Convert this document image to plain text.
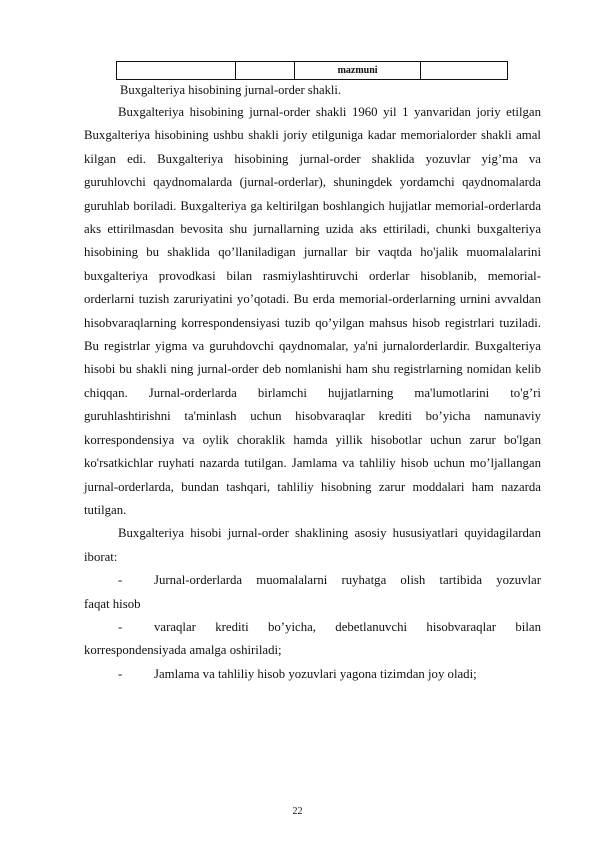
		mazmuni	
Buxgalteriya hisobining jurnal-order shakli.

Buxgalteriya hisobining jurnal-order shakli 1960 yil 1 yanvaridan joriy etilgan Buxgalteriya hisobining ushbu shakli joriy etilguniga kadar memorialorder shakli amal kilgan edi. Buxgalteriya hisobining jurnal-order shaklida yozuvlar yig’ma va guruhlovchi qaydnomalarda (jurnal-orderlar), shuningdek yordamchi qaydnomalarda guruhlab boriladi. Buxgalteriya ga keltirilgan boshlangich hujjatlar memorial-orderlarda aks ettirilmasdan bevosita shu jurnallarning uzida aks ettiriladi, chunki buxgalteriya hisobining bu shaklida qo’llaniladigan jurnallar bir vaqtda ho'jalik muomalalarini buxgalteriya provodkasi bilan rasmiylashtiruvchi orderlar hisoblanib, memorial-orderlarni tuzish zaruriyatini yo’qotadi. Bu erda memorial-orderlarning urnini avvaldan hisobvaraqlarning korrespondensiyasi tuzib qo’yilgan mahsus hisob registrlari tuziladi. Bu registrlar yigma va guruhdovchi qaydnomalar, ya'ni jurnalorderlardir. Buxgalteriya hisobi bu shakli ning jurnal-order deb nomlanishi ham shu registrlarning nomidan kelib chiqqan. Jurnal-orderlarda birlamchi hujjatlarning ma'lumotlarini to'g’ri guruhlashtirishni ta'minlash uchun hisobvaraqlar krediti bo’yicha namunaviy korrespondensiya va oylik choraklik hamda yillik hisobotlar uchun zarur bo'lgan ko'rsatkichlar ruyhati nazarda tutilgan. Jamlama va tahliliy hisob uchun mo’ljallangan jurnal-orderlarda, bundan tashqari, tahliliy hisobning zarur moddalari ham nazarda tutilgan.

Buxgalteriya hisobi jurnal-order shaklining asosiy hususiyatlari quyidagilardan iborat:

- Jurnal-orderlarda muomalalarni ruyhatga olish tartibida yozuvlar
faqat hisob
- varaqlar krediti bo’yicha, debetlanuvchi hisobvaraqlar bilan
korrespondensiyada amalga oshiriladi;
- Jamlama va tahliliy hisob yozuvlari yagona tizimdan joy oladi;
22
